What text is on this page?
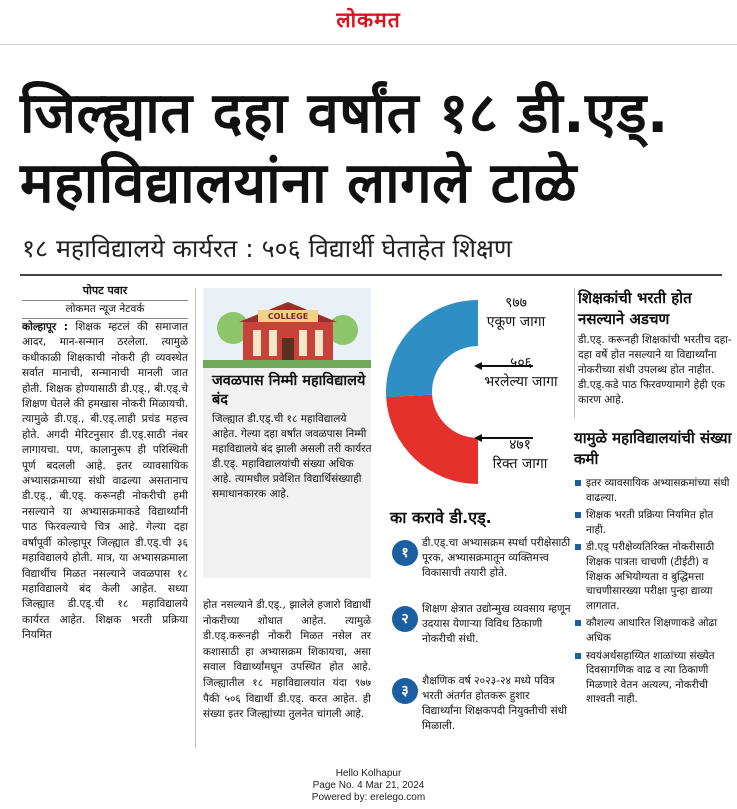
लोकमत
जिल्ह्यात दहा वर्षांत १८ डी.एड्.
महाविद्यालयांना लागले टाळे
१८ महाविद्यालये कार्यरत : ५०६ विद्यार्थी घेताहेत शिक्षण
पोपट पवार
लोकमत न्यूज नेटवर्क
कोल्हापूर : शिक्षक म्हटलं की समाजात आदर, मान-सन्मान ठरलेला. त्यामुळे कधीकाळी शिक्षकाची नोकरी ही व्यवस्थेत सर्वात मानाची, सन्मानाची मानली जात होती. शिक्षक होण्यासाठी डी.एड्., बी.एड्.चे शिक्षण घेतले की हमखास नोकरी मिळायची. त्यामुळे डी.एड्., बी.एड्.लाही प्रचंड महत्त्व होते. अगदी मेरिटनुसार डी.एड्.साठी नंबर लागायचा. पण, कालानुरूप ही परिस्थिती पूर्ण बदलली आहे. इतर व्यावसायिक अभ्यासक्रमाच्या संधी वाढल्या असतानाच डी.एड्., बी.एड्. करूनही नोकरीची हमी नसल्याने या अभ्यासक्रमाकडे विद्यार्थ्यांनी पाठ फिरवल्याचे चित्र आहे. गेल्या दहा वर्षांपूर्वी कोल्हापूर जिल्ह्यात डी.एड्.ची ३६ महाविद्यालये होती. मात्र, या अभ्यासक्रमाला विद्यार्थीच मिळत नसल्याने जवळपास १८ महाविद्यालये बंद केली आहेत. सध्या जिल्ह्यात डी.एड्.ची १८ महाविद्यालये कार्यरत आहेत. शिक्षक भरती प्रक्रिया नियमित
COLLEGE
जवळपास निम्मी महाविद्यालये बंद
जिल्ह्यात डी.एड्.ची १८ महाविद्यालये आहेत. गेल्या दहा वर्षांत जवळपास निम्मी महाविद्यालये बंद झाली असली तरी कार्यरत डी.एड्. महाविद्यालयांची संख्या अधिक आहे. त्यामधील प्रवेशित विद्यार्थिसंख्याही समाधानकारक आहे.
होत नसल्याने डी.एड्., झालेले हजारो विद्यार्थी नोकरीच्या शोधात आहेत. त्यामुळे डी.एड्.करूनही नोकरी मिळत नसेल तर कशासाठी हा अभ्यासक्रम शिकायचा, असा सवाल विद्यार्थ्यांमधून उपस्थित होत आहे. जिल्ह्यातील १८ महाविद्यालयांत यंदा ९७७ पैकी ५०६ विद्यार्थी डी.एड्. करत आहेत. ही संख्या इतर जिल्ह्यांच्या तुलनेत चांगली आहे.
९७७
एकूण जागा
५०६
भरलेल्या जागा
४७१
रिक्त जागा
का करावे डी.एड्.
१
डी.एड्.चा अभ्यासक्रम स्पर्धा परीक्षेसाठी पूरक, अभ्यासक्रमातून व्यक्तिमत्त्व विकासाची तयारी होते.
२
शिक्षण क्षेत्रात उद्योन्मुख व्यवसाय म्हणून उदयास येणाऱ्या विविध ठिकाणी नोकरीची संधी.
३
शैक्षणिक वर्ष २०२३-२४ मध्ये पवित्र भरती अंतर्गत होतकरू हुशार विद्यार्थ्यांना शिक्षकपदी नियुक्तीची संधी मिळाली.
शिक्षकांची भरती होत नसल्याने अडचण
डी.एड्. करूनही शिक्षकांची भरतीच दहा-दहा वर्षे होत नसल्याने या विद्यार्थ्यांना नोकरीच्या संधी उपलब्ध होत नाहीत. डी.एड्.कडे पाठ फिरवण्यामागे हेही एक कारण आहे.
यामुळे महाविद्यालयांची संख्या कमी
इतर व्यावसायिक अभ्यासक्रमांच्या संधी वाढल्या.
शिक्षक भरती प्रक्रिया नियमित होत नाही.
डी.एड् परीक्षेव्यतिरिक्त नोकरीसाठी शिक्षक पात्रता चाचणी (टीईटी) व शिक्षक अभियोग्यता व बुद्धिमत्ता चाचणीसारख्या परीक्षा पुन्हा द्याव्या लागतात.
कौशल्य आधारित शिक्षणाकडे ओढा अधिक
स्वयंअर्थसहाय्यित शाळांच्या संख्येत दिवसागणिक वाढ व त्या ठिकाणी मिळणारे वेतन अत्यल्प, नोकरीची शाश्वती नाही.
Hello Kolhapur
Page No. 4 Mar 21, 2024
Powered by: erelego.com
